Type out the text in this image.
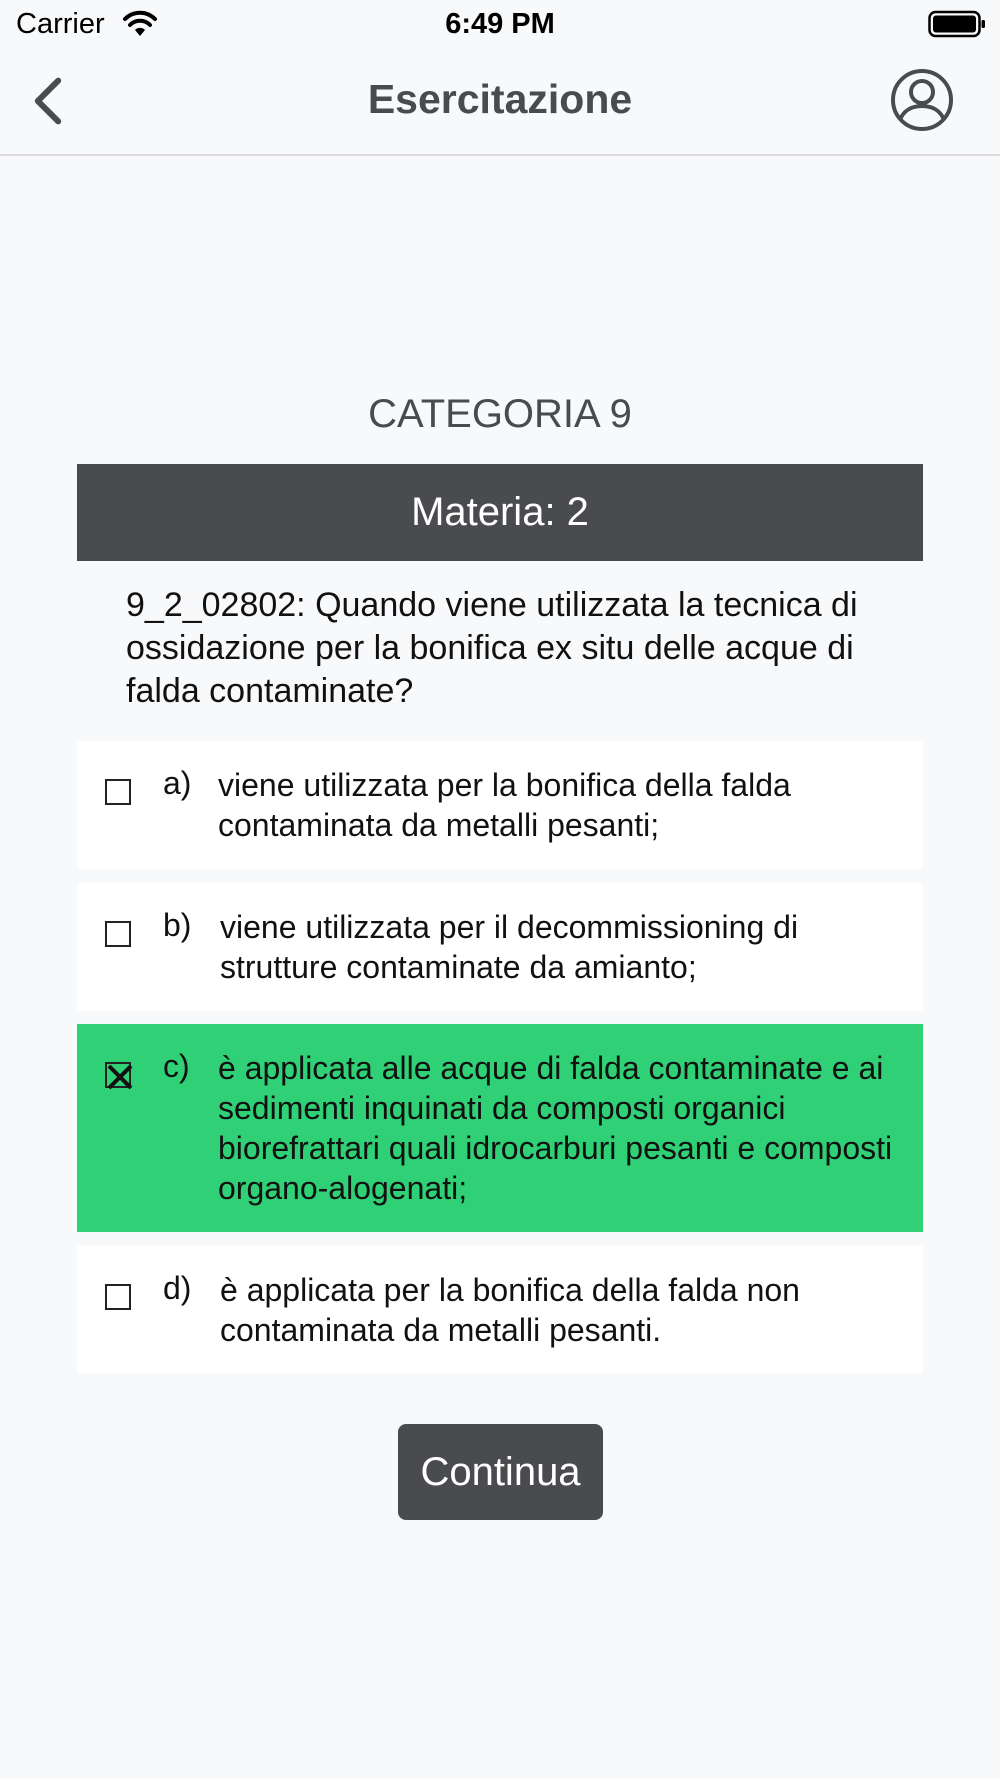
Carrier	6:49 PM
Esercitazione
CATEGORIA 9
Materia: 2
9_2_02802: Quando viene utilizzata la tecnica di ossidazione per la bonifica ex situ delle acque di falda contaminate?
a) viene utilizzata per la bonifica della falda contaminata da metalli pesanti;
b) viene utilizzata per il decommissioning di strutture contaminate da amianto;
c) è applicata alle acque di falda contaminate e ai sedimenti inquinati da composti organici biorefrattari quali idrocarburi pesanti e composti organo-alogenati;
d) è applicata per la bonifica della falda non contaminata da metalli pesanti.
Continua
